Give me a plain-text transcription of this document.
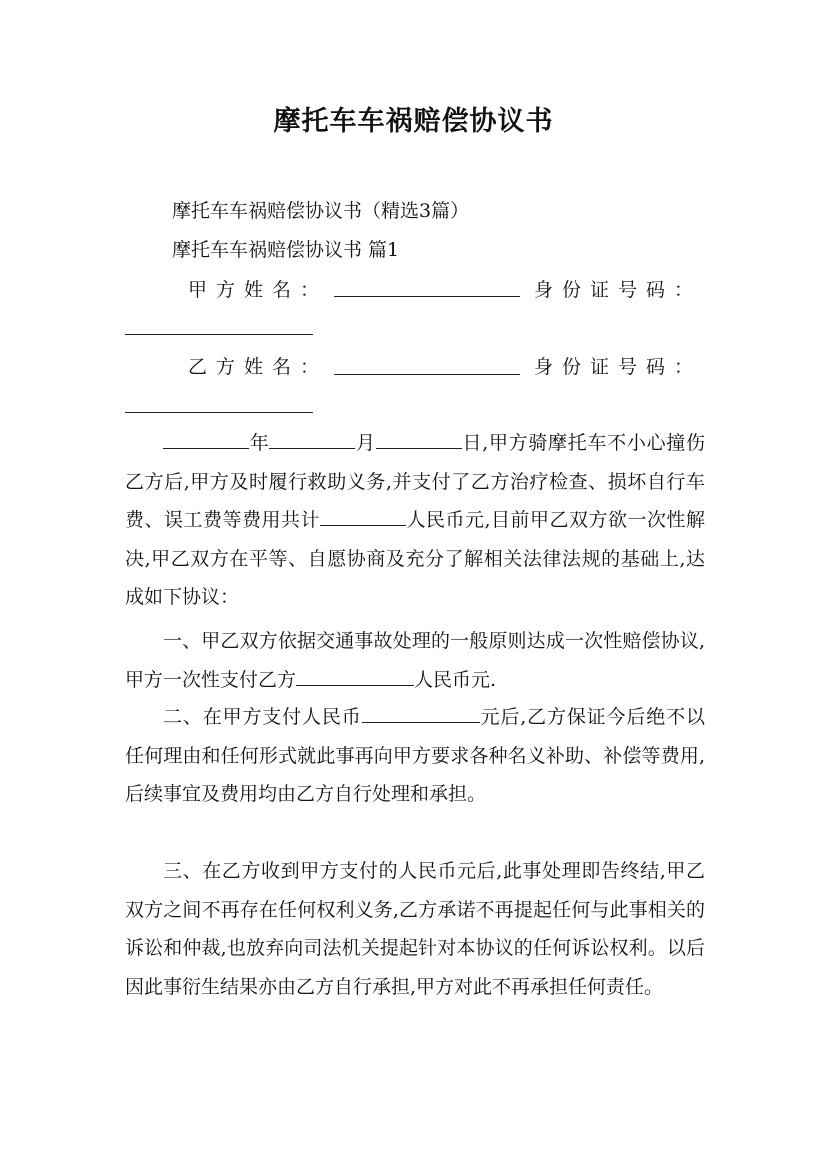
摩托车车祸赔偿协议书

摩托车车祸赔偿协议书（精选3篇）

摩托车车祸赔偿协议书 篇1

甲方姓名：	身份证号码：

乙方姓名：	身份证号码：

年	月	日,甲方骑摩托车不小心撞伤乙方后,甲方及时履行救助义务,并支付了乙方治疗检查、损坏自行车费、误工费等费用共计	人民币元,目前甲乙双方欲一次性解决,甲乙双方在平等、自愿协商及充分了解相关法律法规的基础上,达成如下协议：

一、甲乙双方依据交通事故处理的一般原则达成一次性赔偿协议,甲方一次性支付乙方	人民币元.

二、在甲方支付人民币	元后,乙方保证今后绝不以任何理由和任何形式就此事再向甲方要求各种名义补助、补偿等费用,后续事宜及费用均由乙方自行处理和承担。

三、在乙方收到甲方支付的人民币元后,此事处理即告终结,甲乙双方之间不再存在任何权利义务,乙方承诺不再提起任何与此事相关的诉讼和仲裁,也放弃向司法机关提起针对本协议的任何诉讼权利。以后因此事衍生结果亦由乙方自行承担,甲方对此不再承担任何责任。
